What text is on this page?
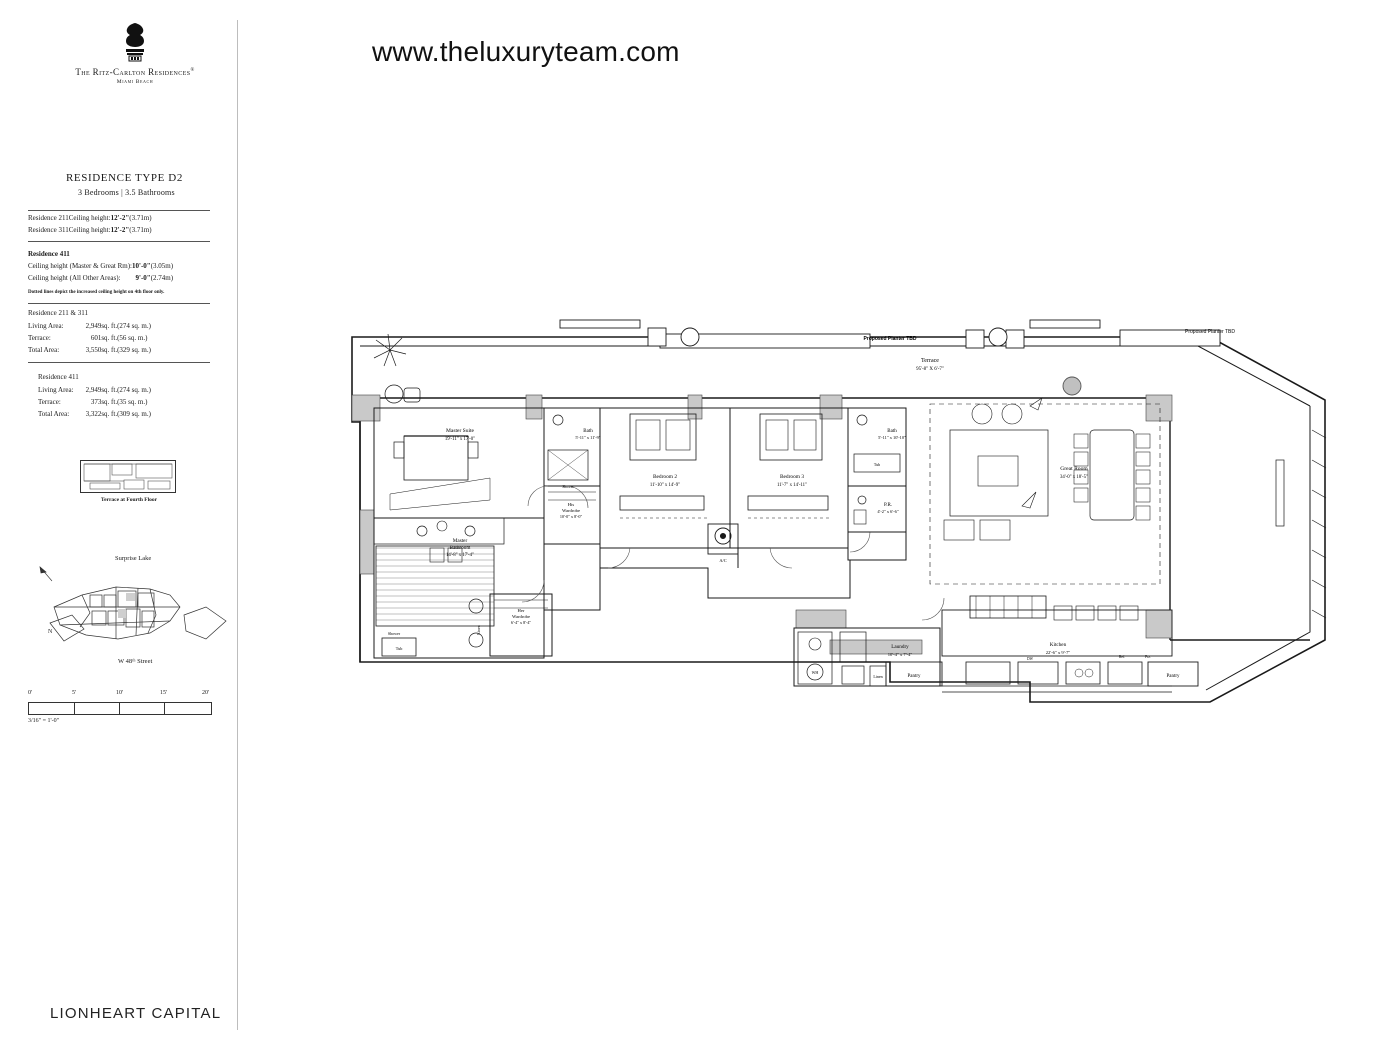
The Ritz-Carlton Residences®
Miami Beach
www.theluxuryteam.com
RESIDENCE TYPE D2
3 Bedrooms | 3.5 Bathrooms
Residence 211	Ceiling height:	12'-2"	(3.71m)
Residence 311	Ceiling height:	12'-2"	(3.71m)
Residence 411
Ceiling height (Master & Great Rm):	10'-0"	(3.05m)
Ceiling height (All Other Areas):	9'-0"	(2.74m)
Dotted lines depict the increased ceiling height on 4th floor only.
Residence 211 & 311
Living Area:	2,949	sq. ft.	(274 sq. m.)
Terrace:	601	sq. ft.	(56 sq. m.)
Total Area:	3,550	sq. ft.	(329 sq. m.)
Residence 411
Living Area:	2,949	sq. ft.	(274 sq. m.)
Terrace:	373	sq. ft.	(35 sq. m.)
Total Area:	3,322	sq. ft.	(309 sq. m.)
Terrace at Fourth Floor
Surprise Lake
W 48ᵗʰ Street
N
0'	5'	10'	15'	20'
3/16" = 1'-0"
LIONHEART CAPITAL
Proposed Planter TBD
Proposed Planter TBD
Terrace
95'-8" X 6'-7"
Master Suite
19'-11" x 17'-0"
Master
Bathroom
14'-8" x 17'-4"
Shower
Tub
Linen
His
Wardrobe
10'-0" x 8'-0"
Her
Wardrobe
6'-4" x 8'-4"
Bedroom 2
11'-10" x 14'-9"
Bath
5'-11" x 11'-9"
Shower
Bedroom 3
11'-7" x 14'-11"
Bath
5'-11" x 10'-10"
Tub
P.R.
4'-2" x 6'-6"
A/C
Great Room
34'-0" x 18'-5"
Kitchen
22'-6" x 9'-7"
DW	Ref.	Frz.
Pantry	Pantry
Laundry
10'-4" x 7'-4"
WH
Linen
